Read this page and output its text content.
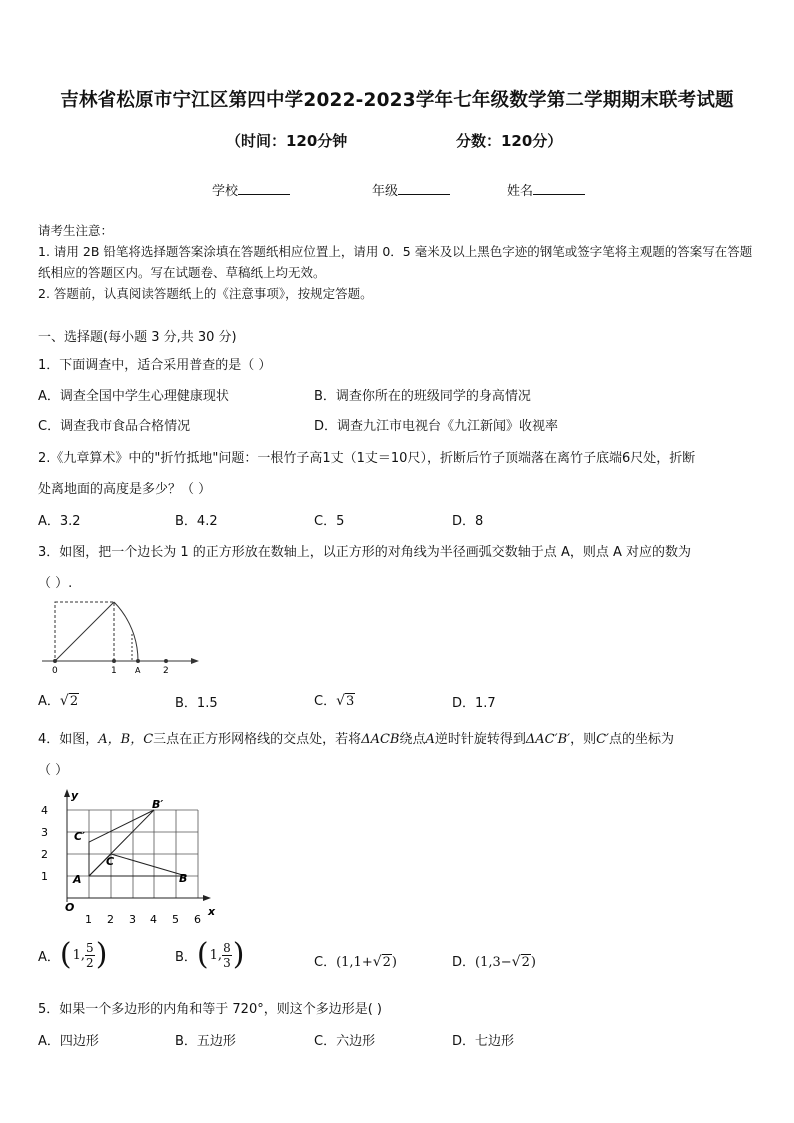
吉林省松原市宁江区第四中学2022-2023学年七年级数学第二学期期末联考试题
（时间：120分钟	分数：120分）
学校	年级	姓名
请考生注意：
1. 请用 2B 铅笔将选择题答案涂填在答题纸相应位置上，请用 0．5 毫米及以上黑色字迹的钢笔或签字笔将主观题的答案写在答题纸相应的答题区内。写在试题卷、草稿纸上均无效。
2. 答题前，认真阅读答题纸上的《注意事项》，按规定答题。
一、选择题(每小题 3 分,共 30 分)
1．下面调查中，适合采用普查的是（ ）
A．调查全国中学生心理健康现状	B．调查你所在的班级同学的身高情况
C．调查我市食品合格情况	D．调查九江市电视台《九江新闻》收视率
2.《九章算术》中的"折竹抵地"问题：一根竹子高1丈（1丈＝10尺），折断后竹子顶端落在离竹子底端6尺处，折断
处离地面的高度是多少？（ ）
A．3.2	B．4.2	C．5	D．8
3．如图，把一个边长为 1 的正方形放在数轴上，以正方形的对角线为半径画弧交数轴于点 A，则点 A 对应的数为
（ ）.
0	1 A	2
A．√2	B．1.5	C．√3	D．1.7
4．如图，A，B，C三点在正方形网格线的交点处，若将ΔACB绕点A逆时针旋转得到ΔAC′B′，则C′点的坐标为
（ ）
y
x
O
4
3
2
1
1 2 3 4 5 6
B′
C′
C
A	B
A． ( 1 , $\frac{5}{2}$ )	B． ( 1 , $\frac{8}{3}$ )	C．(1,1+√2)	D．(1,3−√2)
5．如果一个多边形的内角和等于 720°，则这个多边形是( )
A．四边形	B．五边形	C．六边形	D．七边形
